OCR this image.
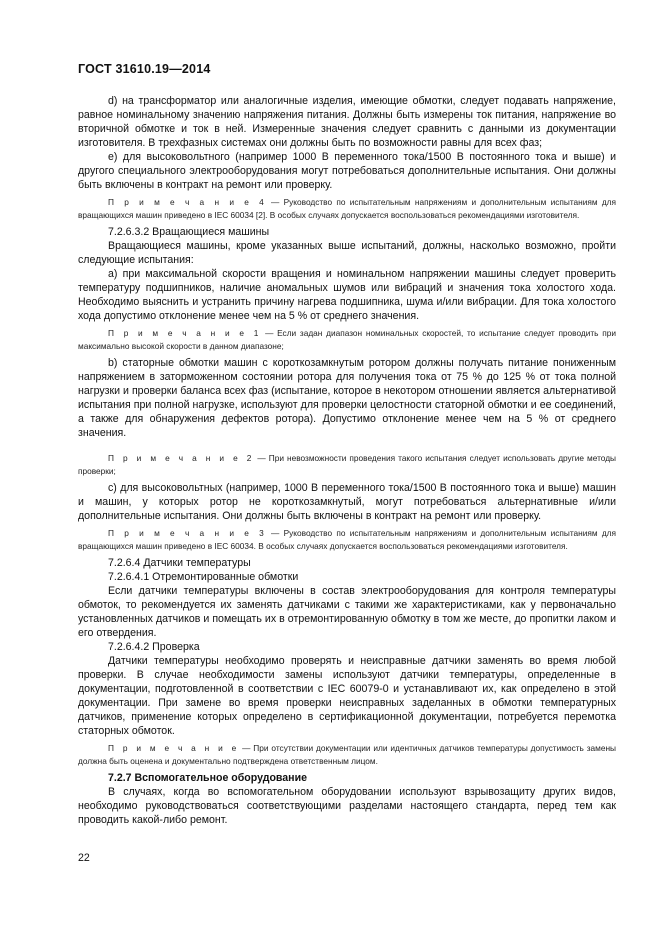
ГОСТ 31610.19—2014

d) на трансформатор или аналогичные изделия, имеющие обмотки, следует подавать напряжение, равное номинальному значению напряжения питания. Должны быть измерены ток питания, напряжение во вторичной обмотке и ток в ней. Измеренные значения следует сравнить с данными из документации изготовителя. В трехфазных системах они должны быть по возможности равны для всех фаз;

е) для высоковольтного (например 1000 В переменного тока/1500 В постоянного тока и выше) и другого специального электрооборудования могут потребоваться дополнительные испытания. Они должны быть включены в контракт на ремонт или проверку.

П р и м е ч а н и е 4 — Руководство по испытательным напряжениям и дополнительным испытаниям для вращающихся машин приведено в IEC 60034 [2]. В особых случаях допускается воспользоваться рекомендациями изготовителя.

7.2.6.3.2 Вращающиеся машины

Вращающиеся машины, кроме указанных выше испытаний, должны, насколько возможно, пройти следующие испытания:

а) при максимальной скорости вращения и номинальном напряжении машины следует проверить температуру подшипников, наличие аномальных шумов или вибраций и значения тока холостого хода. Необходимо выяснить и устранить причину нагрева подшипника, шума и/или вибрации. Для тока холостого хода допустимо отклонение менее чем на 5 % от среднего значения.

П р и м е ч а н и е 1 — Если задан диапазон номинальных скоростей, то испытание следует проводить при максимально высокой скорости в данном диапазоне;

b) статорные обмотки машин с короткозамкнутым ротором должны получать питание пониженным напряжением в заторможенном состоянии ротора для получения тока от 75 % до 125 % от тока полной нагрузки и проверки баланса всех фаз (испытание, которое в некотором отношении является альтернативой испытания при полной нагрузке, используют для проверки целостности статорной обмотки и ее соединений, а также для обнаружения дефектов ротора). Допустимо отклонение менее чем на 5 % от среднего значения.

П р и м е ч а н и е 2 — При невозможности проведения такого испытания следует использовать другие методы проверки;

с) для высоковольтных (например, 1000 В переменного тока/1500 В постоянного тока и выше) машин и машин, у которых ротор не короткозамкнутый, могут потребоваться альтернативные и/или дополнительные испытания. Они должны быть включены в контракт на ремонт или проверку.

П р и м е ч а н и е 3 — Руководство по испытательным напряжениям и дополнительным испытаниям для вращающихся машин приведено в IEC 60034. В особых случаях допускается воспользоваться рекомендациями изготовителя.

7.2.6.4 Датчики температуры

7.2.6.4.1 Отремонтированные обмотки

Если датчики температуры включены в состав электрооборудования для контроля температуры обмоток, то рекомендуется их заменять датчиками с такими же характеристиками, как у первоначально установленных датчиков и помещать их в отремонтированную обмотку в том же месте, до пропитки лаком и его отвердения.

7.2.6.4.2 Проверка

Датчики температуры необходимо проверять и неисправные датчики заменять во время любой проверки. В случае необходимости замены используют датчики температуры, определенные в документации, подготовленной в соответствии с IEC 60079-0 и устанавливают их, как определено в этой документации. При замене во время проверки неисправных заделанных в обмотки температурных датчиков, применение которых определено в сертификационной документации, потребуется перемотка статорных обмоток.

П р и м е ч а н и е — При отсутствии документации или идентичных датчиков температуры допустимость замены должна быть оценена и документально подтверждена ответственным лицом.

7.2.7 Вспомогательное оборудование

В случаях, когда во вспомогательном оборудовании используют взрывозащиту других видов, необходимо руководствоваться соответствующими разделами настоящего стандарта, перед тем как проводить какой-либо ремонт.

22
